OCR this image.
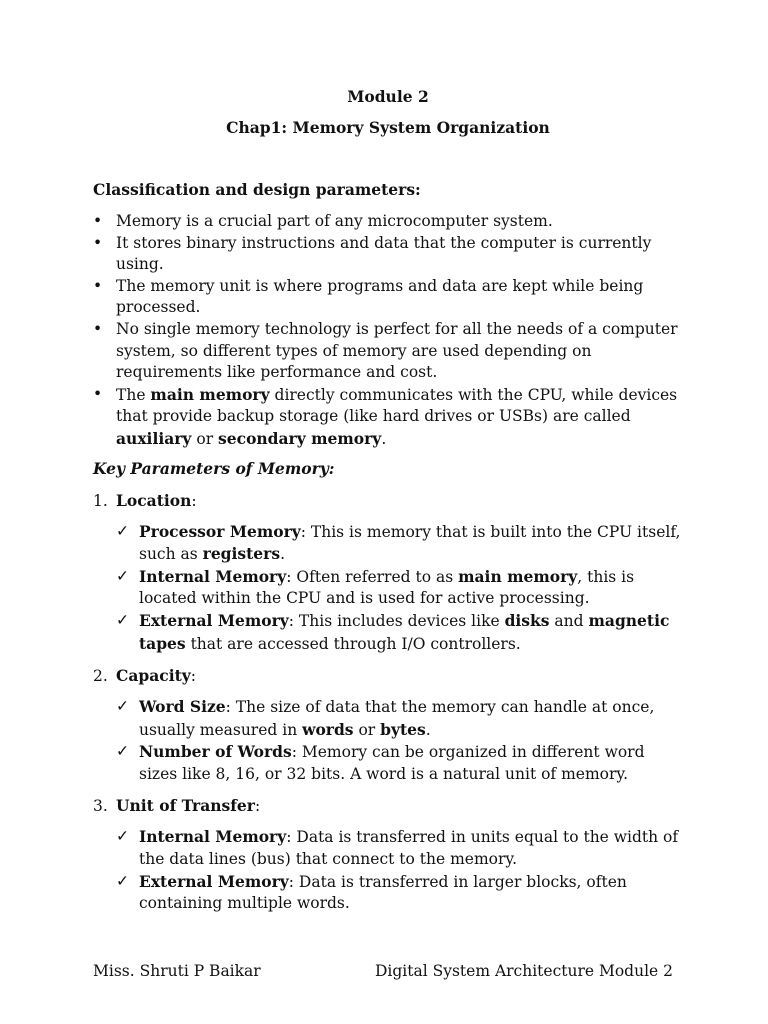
Module 2
Chap1: Memory System Organization
Classification and design parameters:
• Memory is a crucial part of any microcomputer system.
• It stores binary instructions and data that the computer is currently using.
• The memory unit is where programs and data are kept while being processed.
• No single memory technology is perfect for all the needs of a computer system, so different types of memory are used depending on requirements like performance and cost.
• The main memory directly communicates with the CPU, while devices that provide backup storage (like hard drives or USBs) are called auxiliary or secondary memory.
Key Parameters of Memory:
1. Location:
✓ Processor Memory: This is memory that is built into the CPU itself, such as registers.
✓ Internal Memory: Often referred to as main memory, this is located within the CPU and is used for active processing.
✓ External Memory: This includes devices like disks and magnetic tapes that are accessed through I/O controllers.
2. Capacity:
✓ Word Size: The size of data that the memory can handle at once, usually measured in words or bytes.
✓ Number of Words: Memory can be organized in different word sizes like 8, 16, or 32 bits. A word is a natural unit of memory.
3. Unit of Transfer:
✓ Internal Memory: Data is transferred in units equal to the width of the data lines (bus) that connect to the memory.
✓ External Memory: Data is transferred in larger blocks, often containing multiple words.
Miss. Shruti P Baikar	Digital System Architecture Module 2
